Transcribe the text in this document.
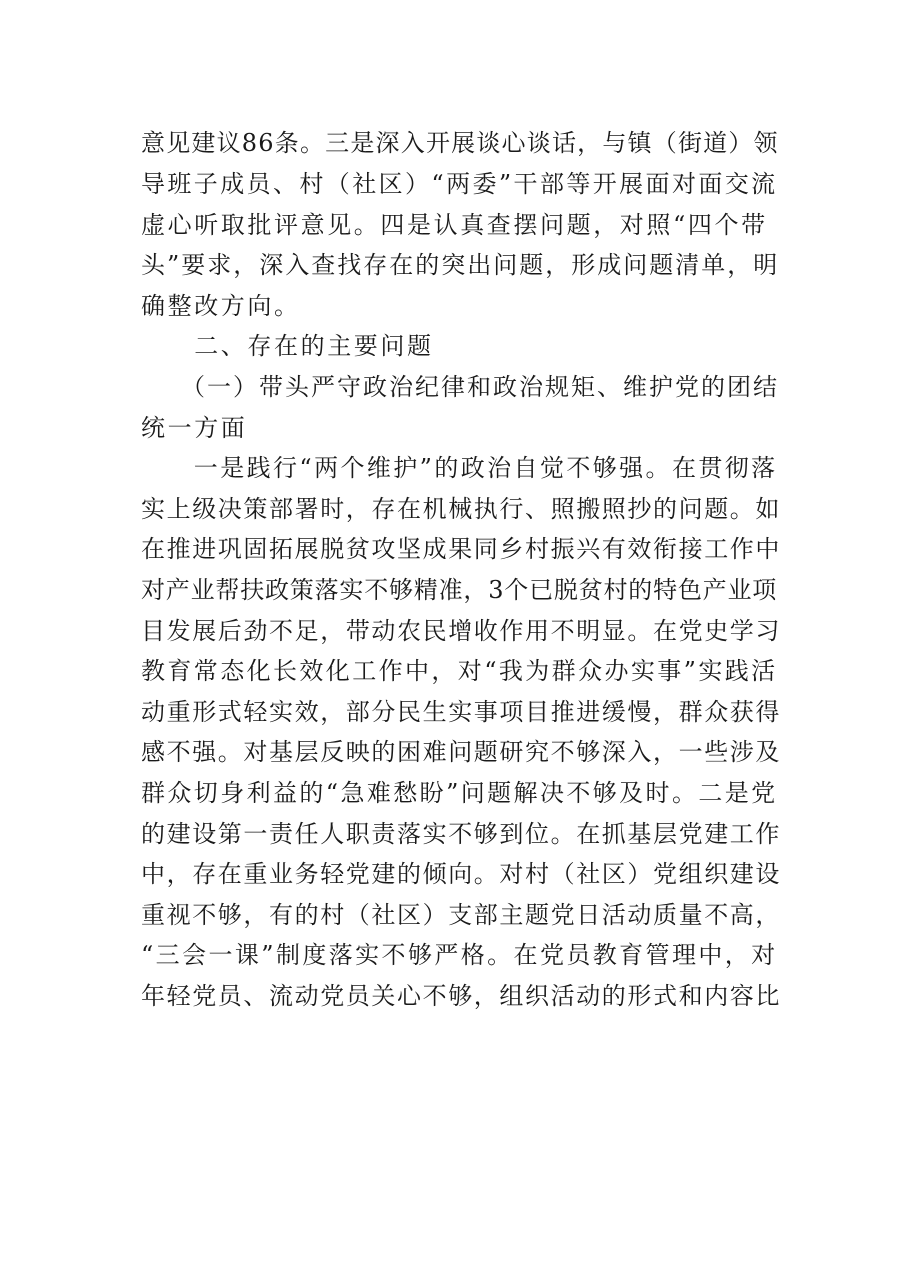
意见建议86条。三是深入开展谈心谈话，与镇（街道）领
导班子成员、村（社区）“两委”干部等开展面对面交流
虚心听取批评意见。四是认真查摆问题，对照“四个带
头”要求，深入查找存在的突出问题，形成问题清单，明
确整改方向。
　　二、存在的主要问题
　　（一）带头严守政治纪律和政治规矩、维护党的团结
统一方面
　　一是践行“两个维护”的政治自觉不够强。在贯彻落
实上级决策部署时，存在机械执行、照搬照抄的问题。如
在推进巩固拓展脱贫攻坚成果同乡村振兴有效衔接工作中
对产业帮扶政策落实不够精准，3个已脱贫村的特色产业项
目发展后劲不足，带动农民增收作用不明显。在党史学习
教育常态化长效化工作中，对“我为群众办实事”实践活
动重形式轻实效，部分民生实事项目推进缓慢，群众获得
感不强。对基层反映的困难问题研究不够深入，一些涉及
群众切身利益的“急难愁盼”问题解决不够及时。二是党
的建设第一责任人职责落实不够到位。在抓基层党建工作
中，存在重业务轻党建的倾向。对村（社区）党组织建设
重视不够，有的村（社区）支部主题党日活动质量不高，
“三会一课”制度落实不够严格。在党员教育管理中，对
年轻党员、流动党员关心不够，组织活动的形式和内容比
